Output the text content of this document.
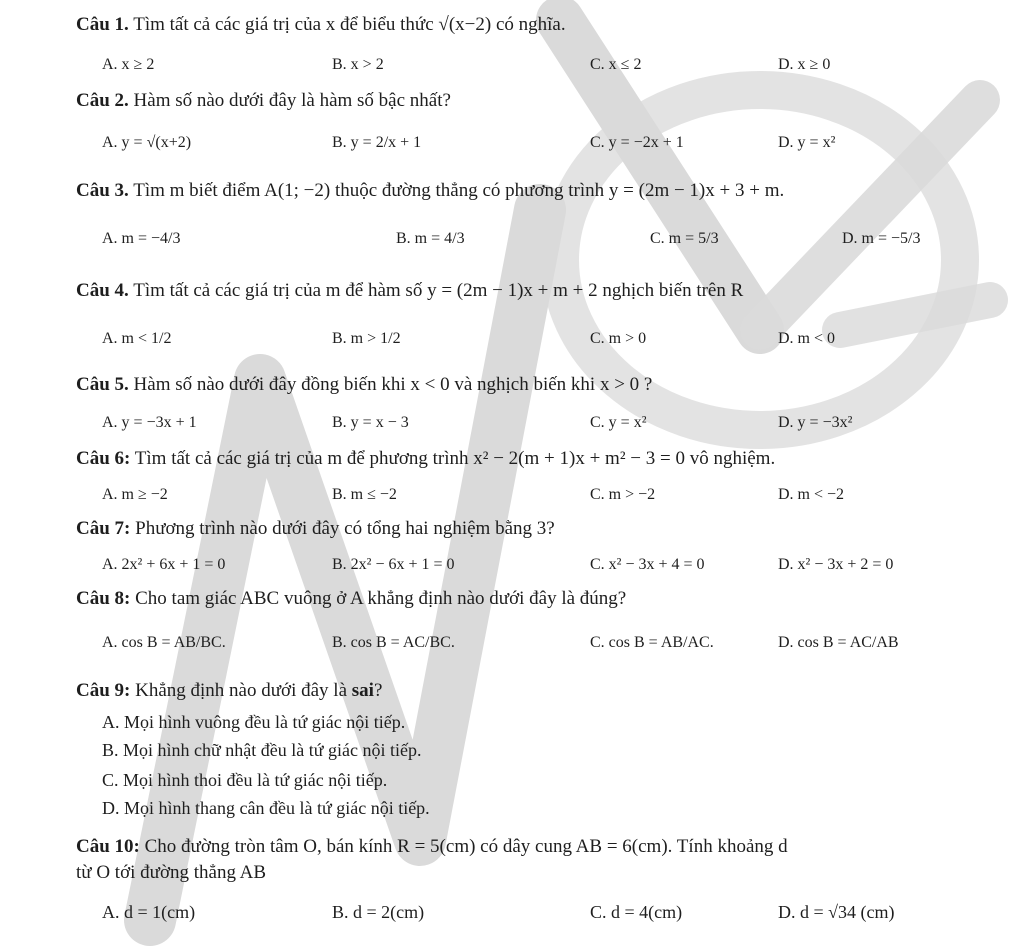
Câu 1. Tìm tất cả các giá trị của x để biểu thức √(x−2) có nghĩa.
A. x ≥ 2	B. x > 2	C. x ≤ 2	D. x ≥ 0
Câu 2. Hàm số nào dưới đây là hàm số bậc nhất?
A. y = √(x+2)	B. y = 2/x + 1	C. y = −2x + 1	D. y = x²
Câu 3. Tìm m biết điểm A(1; −2) thuộc đường thẳng có phương trình y = (2m − 1)x + 3 + m.
A. m = −4/3	B. m = 4/3	C. m = 5/3	D. m = −5/3
Câu 4. Tìm tất cả các giá trị của m để hàm số y = (2m − 1)x + m + 2 nghịch biến trên R
A. m < 1/2	B. m > 1/2	C. m > 0	D. m < 0
Câu 5. Hàm số nào dưới đây đồng biến khi x < 0 và nghịch biến khi x > 0 ?
A. y = −3x + 1	B. y = x − 3	C. y = x²	D. y = −3x²
Câu 6: Tìm tất cả các giá trị của m để phương trình x² − 2(m + 1)x + m² − 3 = 0 vô nghiệm.
A. m ≥ −2	B. m ≤ −2	C. m > −2	D. m < −2
Câu 7: Phương trình nào dưới đây có tổng hai nghiệm bằng 3?
A. 2x² + 6x + 1 = 0	B. 2x² − 6x + 1 = 0	C. x² − 3x + 4 = 0	D. x² − 3x + 2 = 0
Câu 8: Cho tam giác ABC vuông ở A khẳng định nào dưới đây là đúng?
A. cos B = AB/BC.	B. cos B = AC/BC.	C. cos B = AB/AC.	D. cos B = AC/AB
Câu 9: Khẳng định nào dưới đây là sai?
A. Mọi hình vuông đều là tứ giác nội tiếp.
B. Mọi hình chữ nhật đều là tứ giác nội tiếp.
C. Mọi hình thoi đều là tứ giác nội tiếp.
D. Mọi hình thang cân đều là tứ giác nội tiếp.
Câu 10: Cho đường tròn tâm O, bán kính R = 5(cm) có dây cung AB = 6(cm). Tính khoảng d
từ O tới đường thẳng AB
A. d = 1(cm)	B. d = 2(cm)	C. d = 4(cm)	D. d = √34 (cm)
